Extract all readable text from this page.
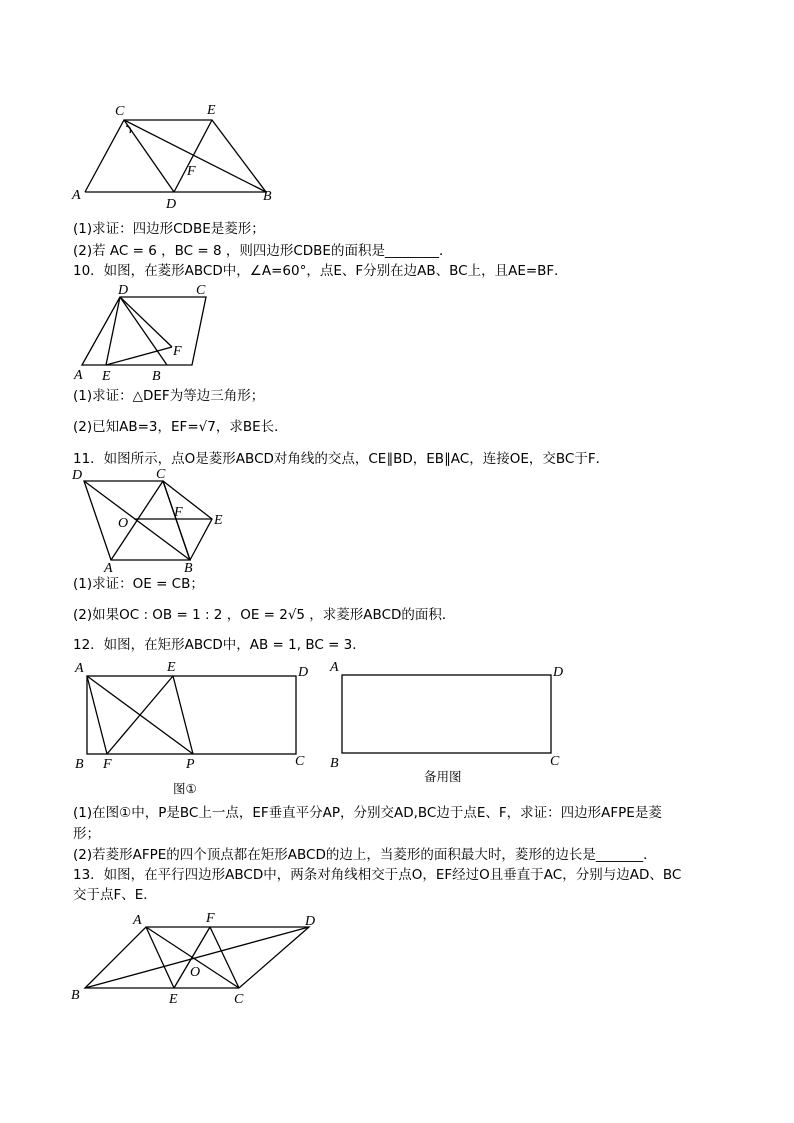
C	E
F
A
D
B
(1)求证：四边形CDBE是菱形；
(2)若 AC = 6 ，BC = 8 ，则四边形CDBE的面积是________．
10．如图，在菱形ABCD中，∠A=60°，点E、F分别在边AB、BC上，且AE=BF．
D	C
A E	B
F
(1)求证：△DEF为等边三角形；
(2)已知AB=3，EF=√7，求BE长．
11．如图所示，点O是菱形ABCD对角线的交点，CE∥BD，EB∥AC，连接OE，交BC于F．
D	C
O
F
E
A	B
(1)求证：OE = CB；
(2)如果OC : OB = 1 : 2 ，OE = 2√5 ，求菱形ABCD的面积．
12．如图，在矩形ABCD中，AB = 1, BC = 3．
A	E	D
B F	P	C
图①
A	D
B	C
备用图
(1)在图①中，P是BC上一点，EF垂直平分AP，分别交AD,BC边于点E、F，求证：四边形AFPE是菱
形；
(2)若菱形AFPE的四个顶点都在矩形ABCD的边上，当菱形的面积最大时，菱形的边长是_______．
13．如图，在平行四边形ABCD中，两条对角线相交于点O，EF经过O且垂直于AC，分别与边AD、BC
交于点F、E．
A	F	D
O
B	E	C
